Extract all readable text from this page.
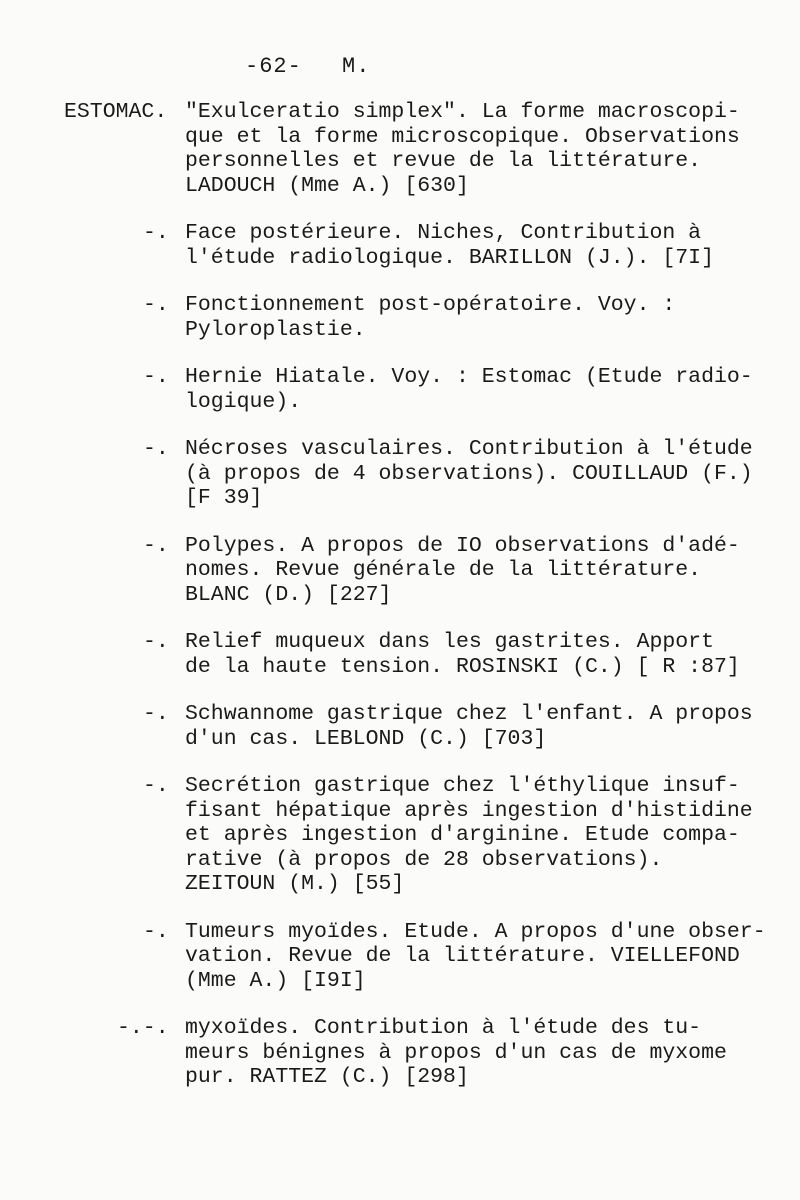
-62- M.
ESTOMAC. "Exulceratio simplex". La forme macroscopi-
que et la forme microscopique. Observations
personnelles et revue de la littérature.
LADOUCH (Mme A.) [630]
-. Face postérieure. Niches, Contribution à
l'étude radiologique. BARILLON (J.). [7I]
-. Fonctionnement post-opératoire. Voy. :
Pyloroplastie.
-. Hernie Hiatale. Voy. : Estomac (Etude radio-
logique).
-. Nécroses vasculaires. Contribution à l'étude
(à propos de 4 observations). COUILLAUD (F.)
[F 39]
-. Polypes. A propos de IO observations d'adé-
nomes. Revue générale de la littérature.
BLANC (D.) [227]
-. Relief muqueux dans les gastrites. Apport
de la haute tension. ROSINSKI (C.) [ R :87]
-. Schwannome gastrique chez l'enfant. A propos
d'un cas. LEBLOND (C.) [703]
-. Secrétion gastrique chez l'éthylique insuf-
fisant hépatique après ingestion d'histidine
et après ingestion d'arginine. Etude compa-
rative (à propos de 28 observations).
ZEITOUN (M.) [55]
-. Tumeurs myoïdes. Etude. A propos d'une obser-
vation. Revue de la littérature. VIELLEFOND
(Mme A.) [I9I]
-.-. myxoïdes. Contribution à l'étude des tu-
meurs bénignes à propos d'un cas de myxome
pur. RATTEZ (C.) [298]
